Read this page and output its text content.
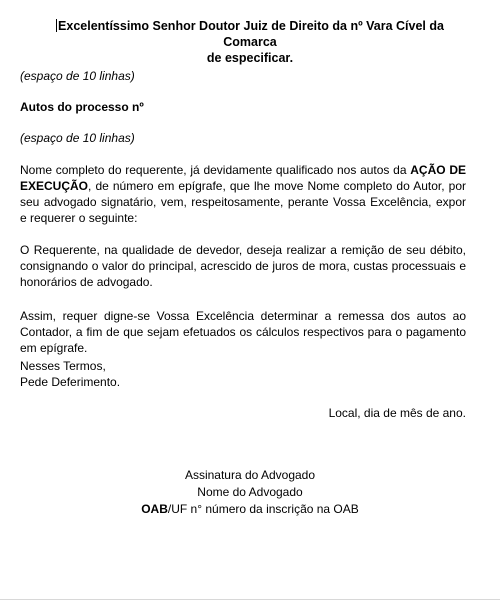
Excelentíssimo Senhor Doutor Juiz de Direito da nº Vara Cível da Comarca
de especificar.
(espaço de 10 linhas)
Autos do processo nº
(espaço de 10 linhas)
Nome completo do requerente, já devidamente qualificado nos autos da AÇÃO DE EXECUÇÃO, de número em epígrafe, que lhe move Nome completo do Autor, por seu advogado signatário, vem, respeitosamente, perante Vossa Excelência, expor e requerer o seguinte:
O Requerente, na qualidade de devedor, deseja realizar a remição de seu débito, consignando o valor do principal, acrescido de juros de mora, custas processuais e honorários de advogado.
Assim, requer digne-se Vossa Excelência determinar a remessa dos autos ao Contador, a fim de que sejam efetuados os cálculos respectivos para o pagamento em epígrafe.
Nesses Termos,
Pede Deferimento.
Local, dia de mês de ano.
Assinatura do Advogado
Nome do Advogado
OAB/UF n° número da inscrição na OAB
